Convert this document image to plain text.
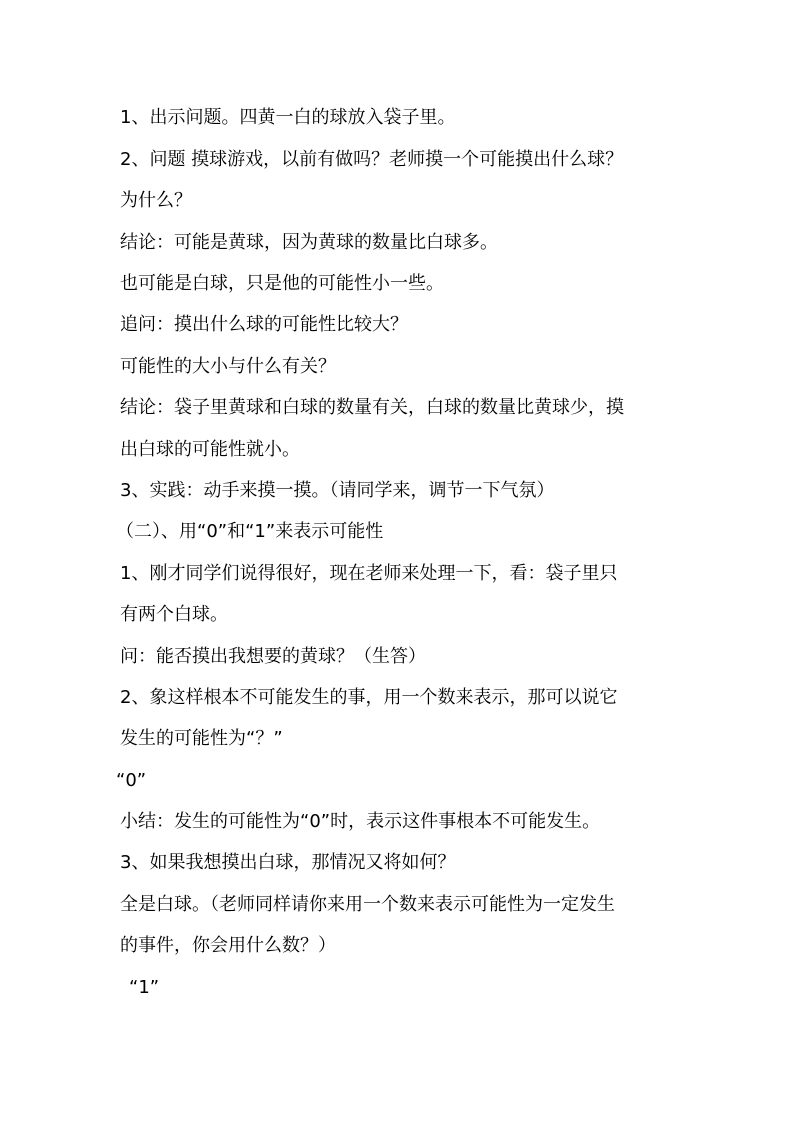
1、出示问题。四黄一白的球放入袋子里。
2、问题 摸球游戏，以前有做吗？老师摸一个可能摸出什么球？
为什么？
结论：可能是黄球，因为黄球的数量比白球多。
也可能是白球，只是他的可能性小一些。
追问：摸出什么球的可能性比较大？
可能性的大小与什么有关？
结论：袋子里黄球和白球的数量有关，白球的数量比黄球少，摸
出白球的可能性就小。
3、实践：动手来摸一摸。（请同学来，调节一下气氛）
（二）、用“0”和“1”来表示可能性
1、刚才同学们说得很好，现在老师来处理一下，看：袋子里只
有两个白球。
问：能否摸出我想要的黄球？（生答）
2、象这样根本不可能发生的事，用一个数来表示，那可以说它
发生的可能性为“？”
“0”
小结：发生的可能性为“0”时，表示这件事根本不可能发生。
3、如果我想摸出白球，那情况又将如何？
全是白球。（老师同样请你来用一个数来表示可能性为一定发生
的事件，你会用什么数？）
“1”
